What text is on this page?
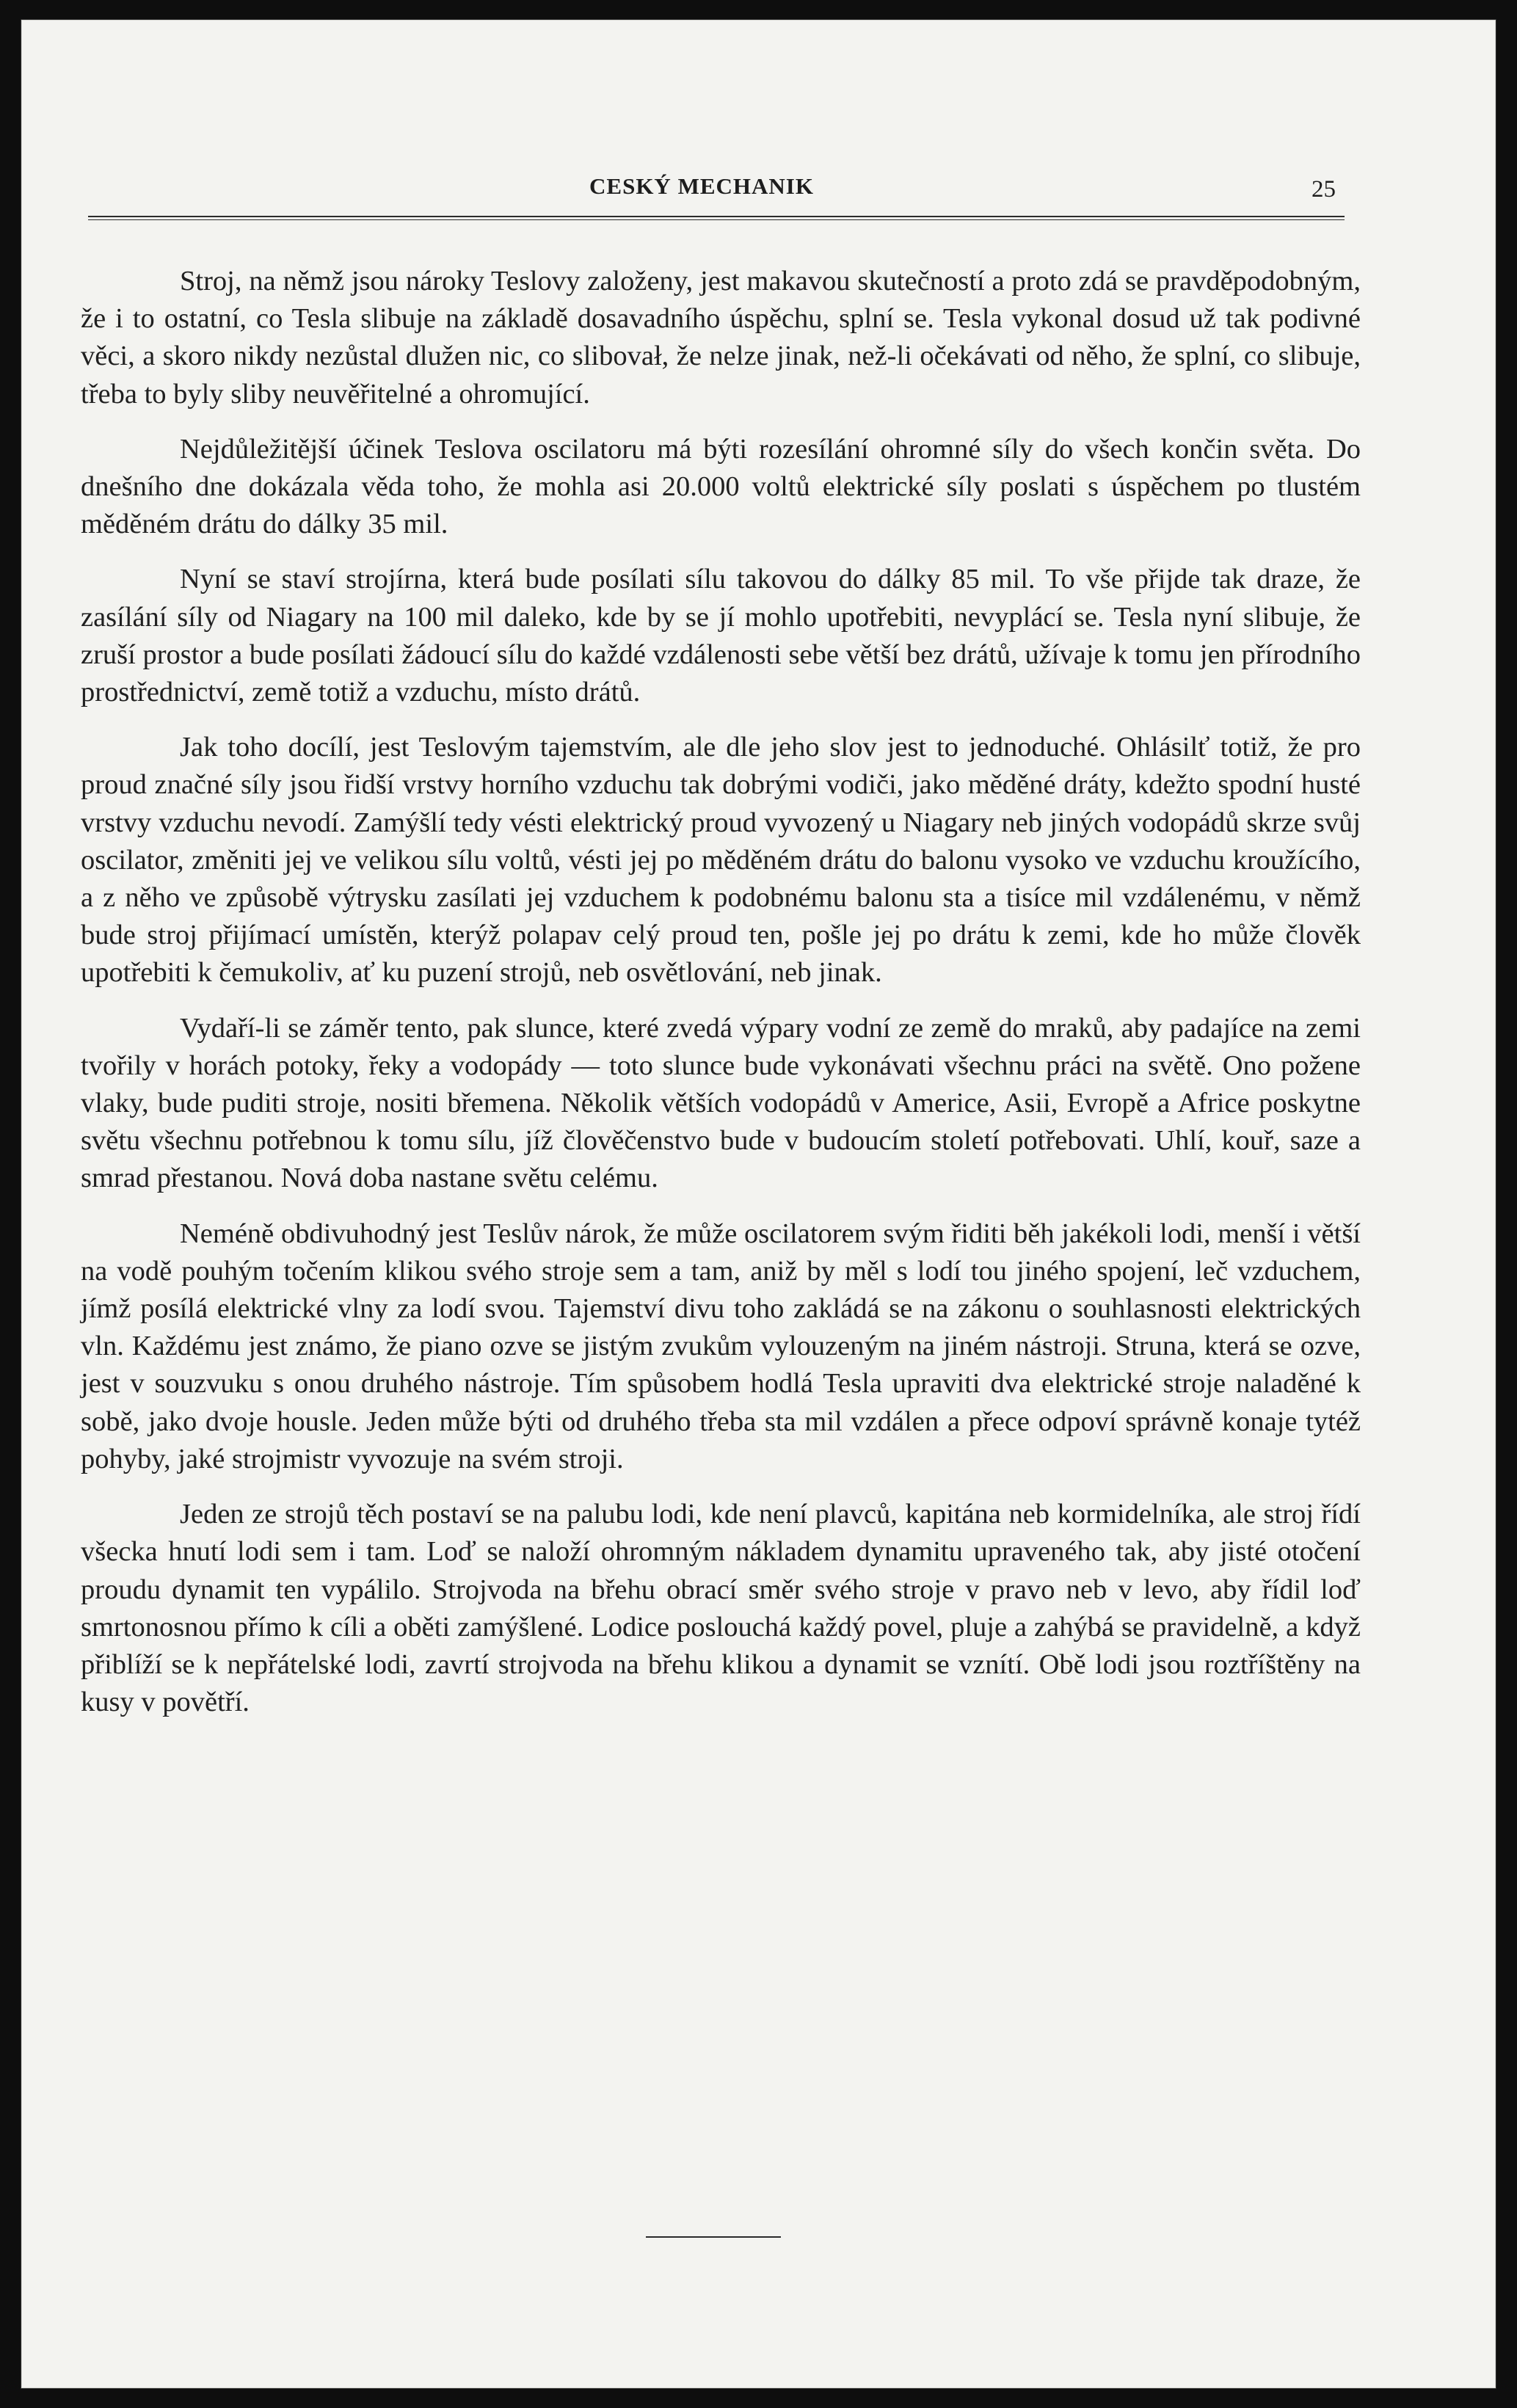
CESKÝ MECHANIK	25

Stroj, na němž jsou nároky Teslovy založeny, jest makavou skutečností a proto zdá se pravděpodobným, že i to ostatní, co Tesla slibuje na základě dosavadního úspěchu, splní se. Tesla vykonal dosud už tak podivné věci, a skoro nikdy nezůstal dlužen nic, co slibovał, že nelze jinak, než-li očekávati od něho, že splní, co slibuje, třeba to byly sliby neuvěřitelné a ohromující.

Nejdůležitější účinek Teslova oscilatoru má býti rozesílání ohromné síly do všech končin světa. Do dnešního dne dokázala věda toho, že mohla asi 20.000 voltů elektrické síly poslati s úspěchem po tlustém měděném drátu do dálky 35 mil.

Nyní se staví strojírna, která bude posílati sílu takovou do dálky 85 mil. To vše přijde tak draze, že zasílání síly od Niagary na 100 mil daleko, kde by se jí mohlo upotřebiti, nevyplácí se. Tesla nyní slibuje, že zruší prostor a bude posílati žádoucí sílu do každé vzdálenosti sebe větší bez drátů, užívaje k tomu jen přírodního prostřednictví, země totiž a vzduchu, místo drátů.

Jak toho docílí, jest Teslovým tajemstvím, ale dle jeho slov jest to jednoduché. Ohlásilť totiž, že pro proud značné síly jsou řidší vrstvy horního vzduchu tak dobrými vodiči, jako měděné dráty, kdežto spodní husté vrstvy vzduchu nevodí. Zamýšlí tedy vésti elektrický proud vyvozený u Niagary neb jiných vodopádů skrze svůj oscilator, změniti jej ve velikou sílu voltů, vésti jej po měděném drátu do balonu vysoko ve vzduchu kroužícího, a z něho ve způsobě výtrysku zasílati jej vzduchem k podobnému balonu sta a tisíce mil vzdálenému, v němž bude stroj přijímací umístěn, kterýž polapav celý proud ten, pošle jej po drátu k zemi, kde ho může člověk upotřebiti k čemukoliv, ať ku puzení strojů, neb osvětlování, neb jinak.

Vydaří-li se záměr tento, pak slunce, které zvedá výpary vodní ze země do mraků, aby padajíce na zemi tvořily v horách potoky, řeky a vodopády — toto slunce bude vykonávati všechnu práci na světě. Ono požene vlaky, bude puditi stroje, nositi břemena. Několik větších vodopádů v Americe, Asii, Evropě a Africe poskytne světu všechnu potřebnou k tomu sílu, jíž člověčenstvo bude v budoucím století potřebovati. Uhlí, kouř, saze a smrad přestanou. Nová doba nastane světu celému.

Neméně obdivuhodný jest Teslův nárok, že může oscilatorem svým řiditi běh jakékoli lodi, menší i větší na vodě pouhým točením klikou svého stroje sem a tam, aniž by měl s lodí tou jiného spojení, leč vzduchem, jímž posílá elektrické vlny za lodí svou. Tajemství divu toho zakládá se na zákonu o souhlasnosti elektrických vln. Každému jest známo, že piano ozve se jistým zvukům vylouzeným na jiném nástroji. Struna, která se ozve, jest v souzvuku s onou druhého nástroje. Tím spůsobem hodlá Tesla upraviti dva elektrické stroje naladěné k sobě, jako dvoje housle. Jeden může býti od druhého třeba sta mil vzdálen a přece odpoví správně konaje tytéž pohyby, jaké strojmistr vyvozuje na svém stroji.

Jeden ze strojů těch postaví se na palubu lodi, kde není plavců, kapitána neb kormidelníka, ale stroj řídí všecka hnutí lodi sem i tam. Loď se naloží ohromným nákladem dynamitu upraveného tak, aby jisté otočení proudu dynamit ten vypálilo. Strojvoda na břehu obrací směr svého stroje v pravo neb v levo, aby řídil loď smrtonosnou přímo k cíli a oběti zamýšlené. Lodice poslouchá každý povel, pluje a zahýbá se pravidelně, a když přiblíží se k nepřátelské lodi, zavrtí strojvoda na břehu klikou a dynamit se vznítí. Obě lodi jsou roztříštěny na kusy v povětří.
